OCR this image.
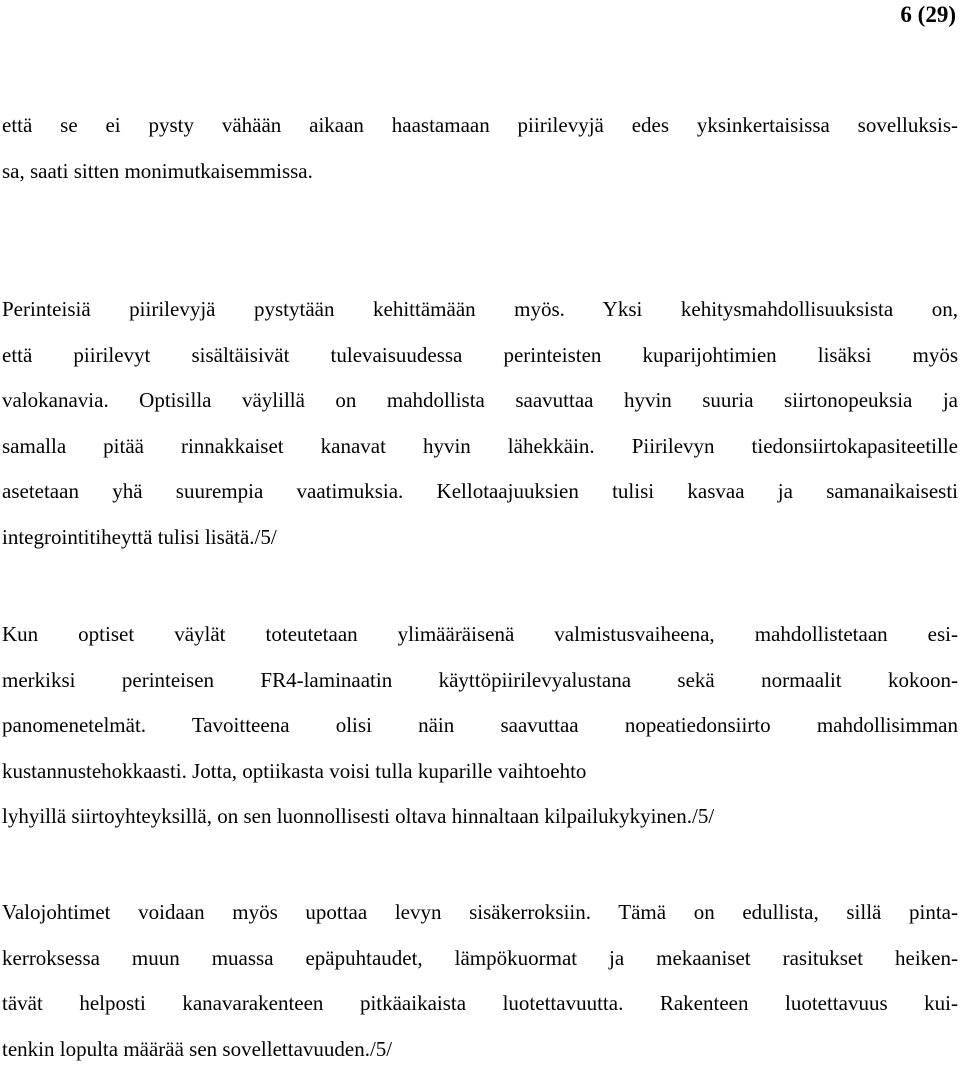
6 (29)
että se ei pysty vähään aikaan haastamaan piirilevyjä edes yksinkertaisissa sovelluksis-
sa, saati sitten monimutkaisemmissa.
Perinteisiä piirilevyjä pystytään kehittämään myös. Yksi kehitysmahdollisuuksista on,
että piirilevyt sisältäisivät tulevaisuudessa perinteisten kuparijohtimien lisäksi myös
valokanavia. Optisilla väylillä on mahdollista saavuttaa hyvin suuria siirtonopeuksia ja
samalla pitää rinnakkaiset kanavat hyvin lähekkäin. Piirilevyn tiedonsiirtokapasiteetille
asetetaan yhä suurempia vaatimuksia. Kellotaajuuksien tulisi kasvaa ja samanaikaisesti
integrointitiheyttä tulisi lisätä./5/
Kun optiset väylät toteutetaan ylimääräisenä valmistusvaiheena, mahdollistetaan esi-
merkiksi perinteisen FR4-laminaatin käyttöpiirilevyalustana sekä normaalit kokoon-
panomenetelmät. Tavoitteena olisi näin saavuttaa nopeatiedonsiirto mahdollisimman
kustannustehokkaasti. Jotta, optiikasta voisi tulla kuparille vaihtoehto
lyhyillä siirtoyhteyksillä, on sen luonnollisesti oltava hinnaltaan kilpailukykyinen./5/
Valojohtimet voidaan myös upottaa levyn sisäkerroksiin. Tämä on edullista, sillä pinta-
kerroksessa muun muassa epäpuhtaudet, lämpökuormat ja mekaaniset rasitukset heiken-
tävät helposti kanavarakenteen pitkäaikaista luotettavuutta. Rakenteen luotettavuus kui-
tenkin lopulta määrää sen sovellettavuuden./5/
